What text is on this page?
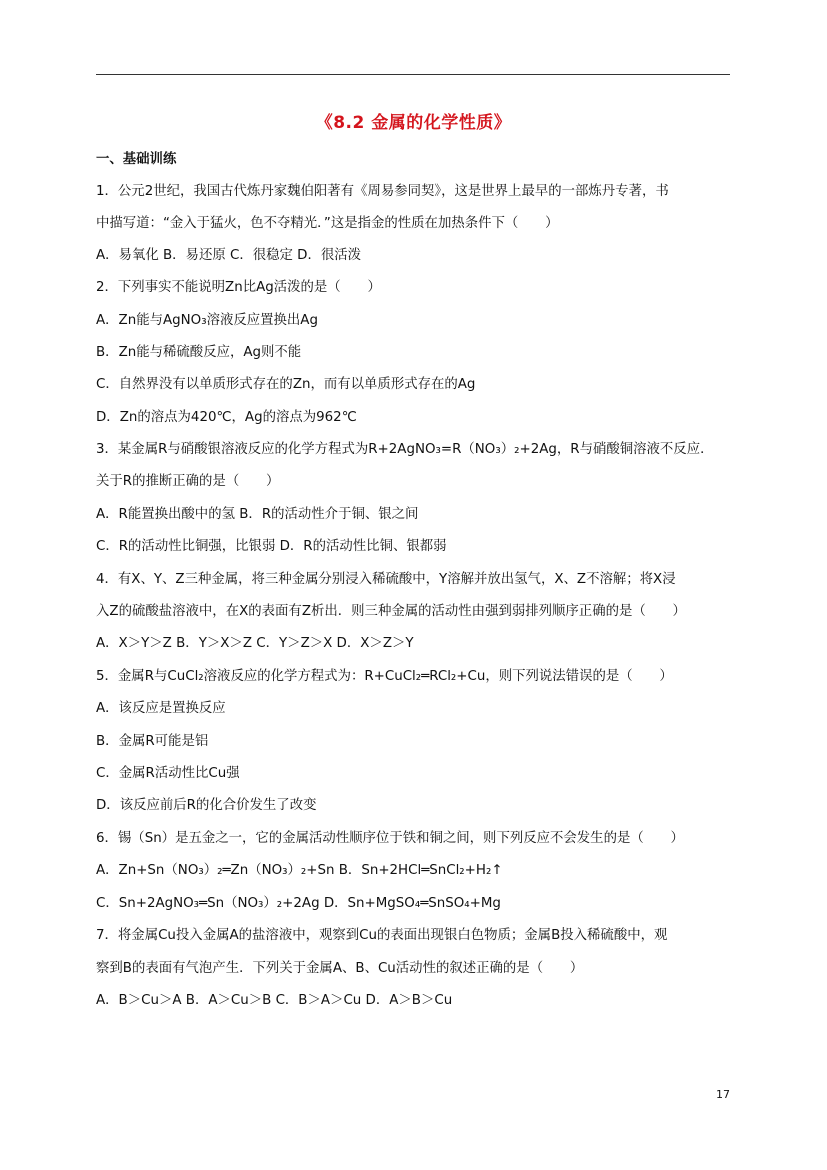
《8.2 金属的化学性质》
一、基础训练
1．公元2世纪，我国古代炼丹家魏伯阳著有《周易参同契》，这是世界上最早的一部炼丹专著，书
中描写道：“金入于猛火，色不夺精光．”这是指金的性质在加热条件下（　　）
A．易氧化 B．易还原 C．很稳定 D．很活泼
2．下列事实不能说明Zn比Ag活泼的是（　　）
A．Zn能与AgNO₃溶液反应置换出Ag
B．Zn能与稀硫酸反应，Ag则不能
C．自然界没有以单质形式存在的Zn，而有以单质形式存在的Ag
D．Zn的溶点为420℃，Ag的溶点为962℃
3．某金属R与硝酸银溶液反应的化学方程式为R+2AgNO₃=R（NO₃）₂+2Ag，R与硝酸铜溶液不反应．
关于R的推断正确的是（　　）
A．R能置换出酸中的氢 B．R的活动性介于铜、银之间
C．R的活动性比铜强，比银弱 D．R的活动性比铜、银都弱
4．有X、Y、Z三种金属，将三种金属分别浸入稀硫酸中，Y溶解并放出氢气，X、Z不溶解；将X浸
入Z的硫酸盐溶液中，在X的表面有Z析出．则三种金属的活动性由强到弱排列顺序正确的是（　　）
A．X＞Y＞Z B．Y＞X＞Z C．Y＞Z＞X D．X＞Z＞Y
5．金属R与CuCl₂溶液反应的化学方程式为：R+CuCl₂═RCl₂+Cu，则下列说法错误的是（　　）
A．该反应是置换反应
B．金属R可能是铝
C．金属R活动性比Cu强
D．该反应前后R的化合价发生了改变
6．锡（Sn）是五金之一，它的金属活动性顺序位于铁和铜之间，则下列反应不会发生的是（　　）
A．Zn+Sn（NO₃）₂═Zn（NO₃）₂+Sn B．Sn+2HCl═SnCl₂+H₂↑
C．Sn+2AgNO₃═Sn（NO₃）₂+2Ag D．Sn+MgSO₄═SnSO₄+Mg
7．将金属Cu投入金属A的盐溶液中，观察到Cu的表面出现银白色物质；金属B投入稀硫酸中，观
察到B的表面有气泡产生．下列关于金属A、B、Cu活动性的叙述正确的是（　　）
A．B＞Cu＞A B．A＞Cu＞B C．B＞A＞Cu D．A＞B＞Cu
17
